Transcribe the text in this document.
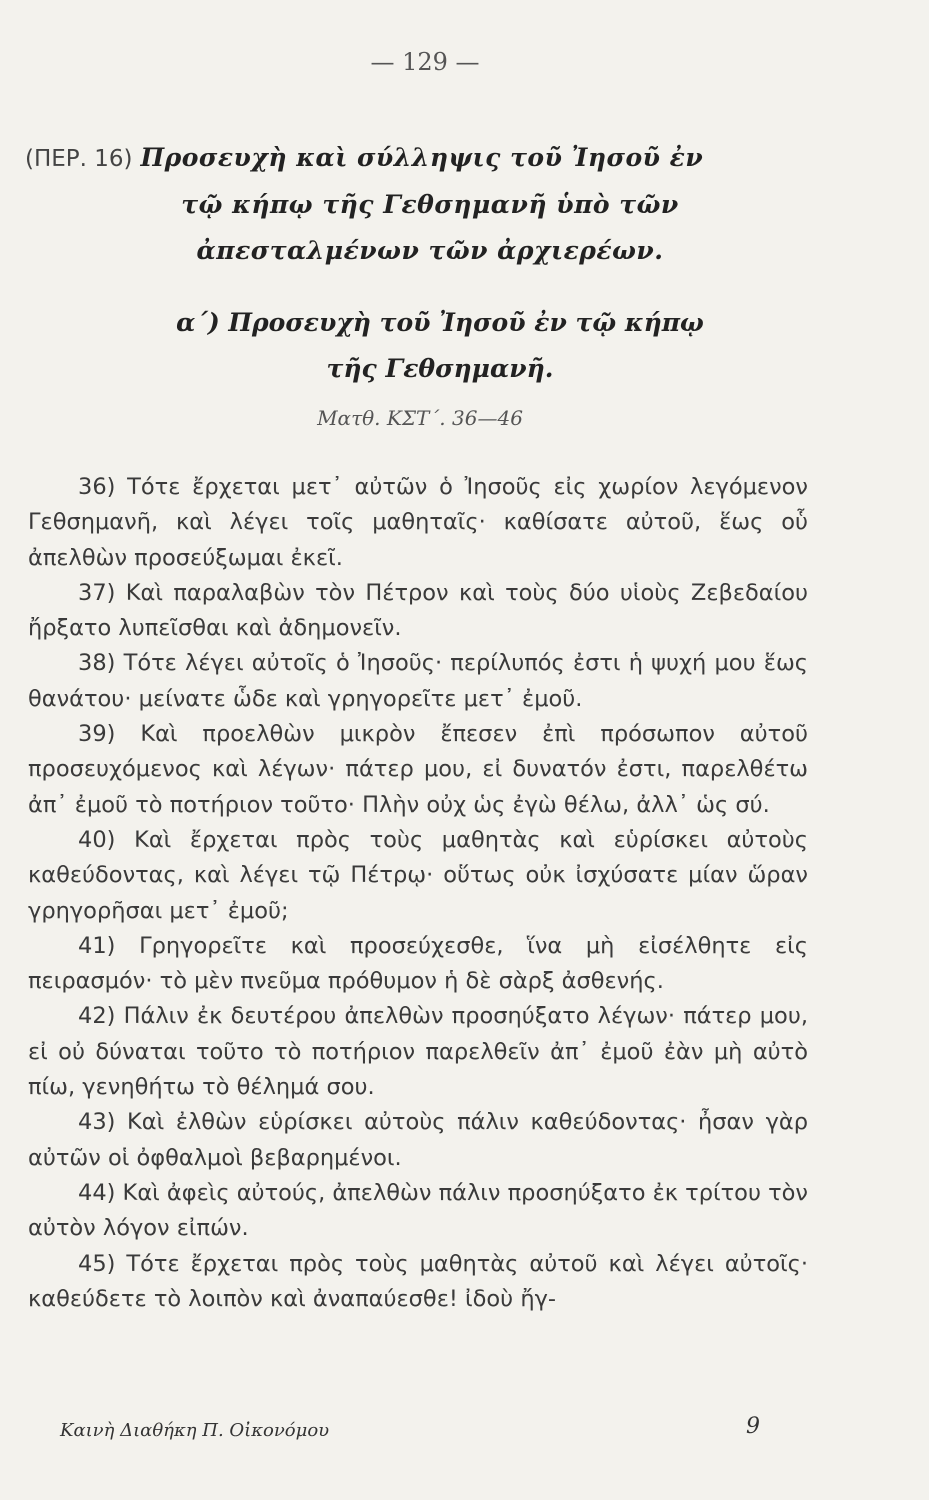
— 129 —
(ΠΕΡ. 16) Προσευχὴ καὶ σύλληψις τοῦ Ἰησοῦ ἐν
τῷ κήπῳ τῆς Γεθσημανῆ ὑπὸ τῶν
ἀπεσταλμένων τῶν ἀρχιερέων.
α΄) Προσευχὴ τοῦ Ἰησοῦ ἐν τῷ κήπῳ
τῆς Γεθσημανῆ.
Ματθ. ΚΣΤ΄. 36—46

36) Τότε ἔρχεται μετ᾽ αὐτῶν ὁ Ἰησοῦς εἰς χωρίον λεγόμενον Γεθσημανῆ, καὶ λέγει τοῖς μαθηταῖς· καθίσατε αὐτοῦ, ἕως οὗ ἀπελθὼν προσεύξωμαι ἐκεῖ.

37) Καὶ παραλαβὼν τὸν Πέτρον καὶ τοὺς δύο υἱοὺς Ζεβεδαίου ἤρξατο λυπεῖσθαι καὶ ἀδημονεῖν.

38) Τότε λέγει αὐτοῖς ὁ Ἰησοῦς· περίλυπός ἐστι ἡ ψυχή μου ἕως θανάτου· μείνατε ὧδε καὶ γρηγορεῖτε μετ᾽ ἐμοῦ.

39) Καὶ προελθὼν μικρὸν ἔπεσεν ἐπὶ πρόσωπον αὐτοῦ προσευχόμενος καὶ λέγων· πάτερ μου, εἰ δυνατόν ἐστι, παρελθέτω ἀπ᾽ ἐμοῦ τὸ ποτήριον τοῦτο· Πλὴν οὐχ ὡς ἐγὼ θέλω, ἀλλ᾽ ὡς σύ.

40) Καὶ ἔρχεται πρὸς τοὺς μαθητὰς καὶ εὑρίσκει αὐτοὺς καθεύδοντας, καὶ λέγει τῷ Πέτρῳ· οὕτως οὐκ ἰσχύσατε μίαν ὥραν γρηγορῆσαι μετ᾽ ἐμοῦ;

41) Γρηγορεῖτε καὶ προσεύχεσθε, ἵνα μὴ εἰσέλθητε εἰς πειρασμόν· τὸ μὲν πνεῦμα πρόθυμον ἡ δὲ σὰρξ ἀσθενής.

42) Πάλιν ἐκ δευτέρου ἀπελθὼν προσηύξατο λέγων· πάτερ μου, εἰ οὐ δύναται τοῦτο τὸ ποτήριον παρελθεῖν ἀπ᾽ ἐμοῦ ἐὰν μὴ αὐτὸ πίω, γενηθήτω τὸ θέλημά σου.

43) Καὶ ἐλθὼν εὑρίσκει αὐτοὺς πάλιν καθεύδοντας· ἦσαν γὰρ αὐτῶν οἱ ὀφθαλμοὶ βεβαρημένοι.

44) Καὶ ἀφεὶς αὐτούς, ἀπελθὼν πάλιν προσηύξατο ἐκ τρίτου τὸν αὐτὸν λόγον εἰπών.

45) Τότε ἔρχεται πρὸς τοὺς μαθητὰς αὐτοῦ καὶ λέγει αὐτοῖς· καθεύδετε τὸ λοιπὸν καὶ ἀναπαύεσθε! ἰδοὺ ἤγ-

Καινὴ Διαθήκη Π. Οἰκονόμου	9
